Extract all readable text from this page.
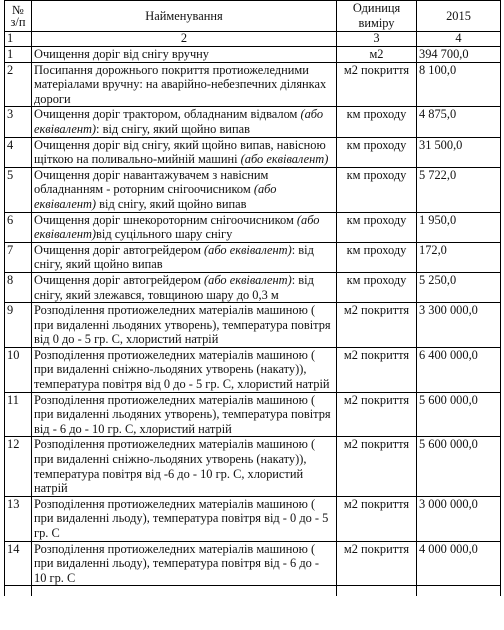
№ з/п	Найменування	Одиниця виміру	2015
1	2	3	4
1	Очищення доріг від снігу вручну	м2	394 700,0
2	Посипання дорожнього покриття протиожеледними матеріалами вручну: на аварійно-небезпечних ділянках дороги	м2 покриття	8 100,0
3	Очищення доріг трактором, обладнаним відвалом (або еквівалент): від снігу, який щойно випав	км проходу	4 875,0
4	Очищення доріг від снігу, який щойно випав, навісною щіткою на поливально-мийній машині (або еквівалент)	км проходу	31 500,0
5	Очищення доріг навантажувачем з навісним обладнанням - роторним снігоочисником (або еквівалент) від снігу, який щойно випав	км проходу	5 722,0
6	Очищення доріг шнекороторним снігоочисником (або еквівалент)від суцільного шару снігу	км проходу	1 950,0
7	Очищення доріг автогрейдером (або еквівалент): від снігу, який щойно випав	км проходу	172,0
8	Очищення доріг автогрейдером (або еквівалент): від снігу, який злежався, товщиною шару до 0,3 м	км проходу	5 250,0
9	Розподілення протиожеледних матеріалів машиною ( при видаленні льодяних утворень), температура повітря від 0 до - 5 гр. С, хлористий натрій	м2 покриття	3 300 000,0
10	Розподілення протиожеледних матеріалів машиною ( при видаленні сніжно-льодяних утворень (накату)), температура повітря від 0 до - 5 гр. С, хлористий натрій	м2 покриття	6 400 000,0
11	Розподілення протиожеледних матеріалів машиною ( при видаленні льодяних утворень), температура повітря від - 6 до - 10 гр. С, хлористий натрій	м2 покриття	5 600 000,0
12	Розподілення протиожеледних матеріалів машиною ( при видаленні сніжно-льодяних утворень (накату)), температура повітря від -6 до - 10 гр. С, хлористий натрій	м2 покриття	5 600 000,0
13	Розподілення протиожеледних матеріалів машиною ( при видаленні льоду), температура повітря від - 0 до - 5 гр. С	м2 покриття	3 000 000,0
14	Розподілення протиожеледних матеріалів машиною ( при видаленні льоду), температура повітря від - 6 до - 10 гр. С	м2 покриття	4 000 000,0
